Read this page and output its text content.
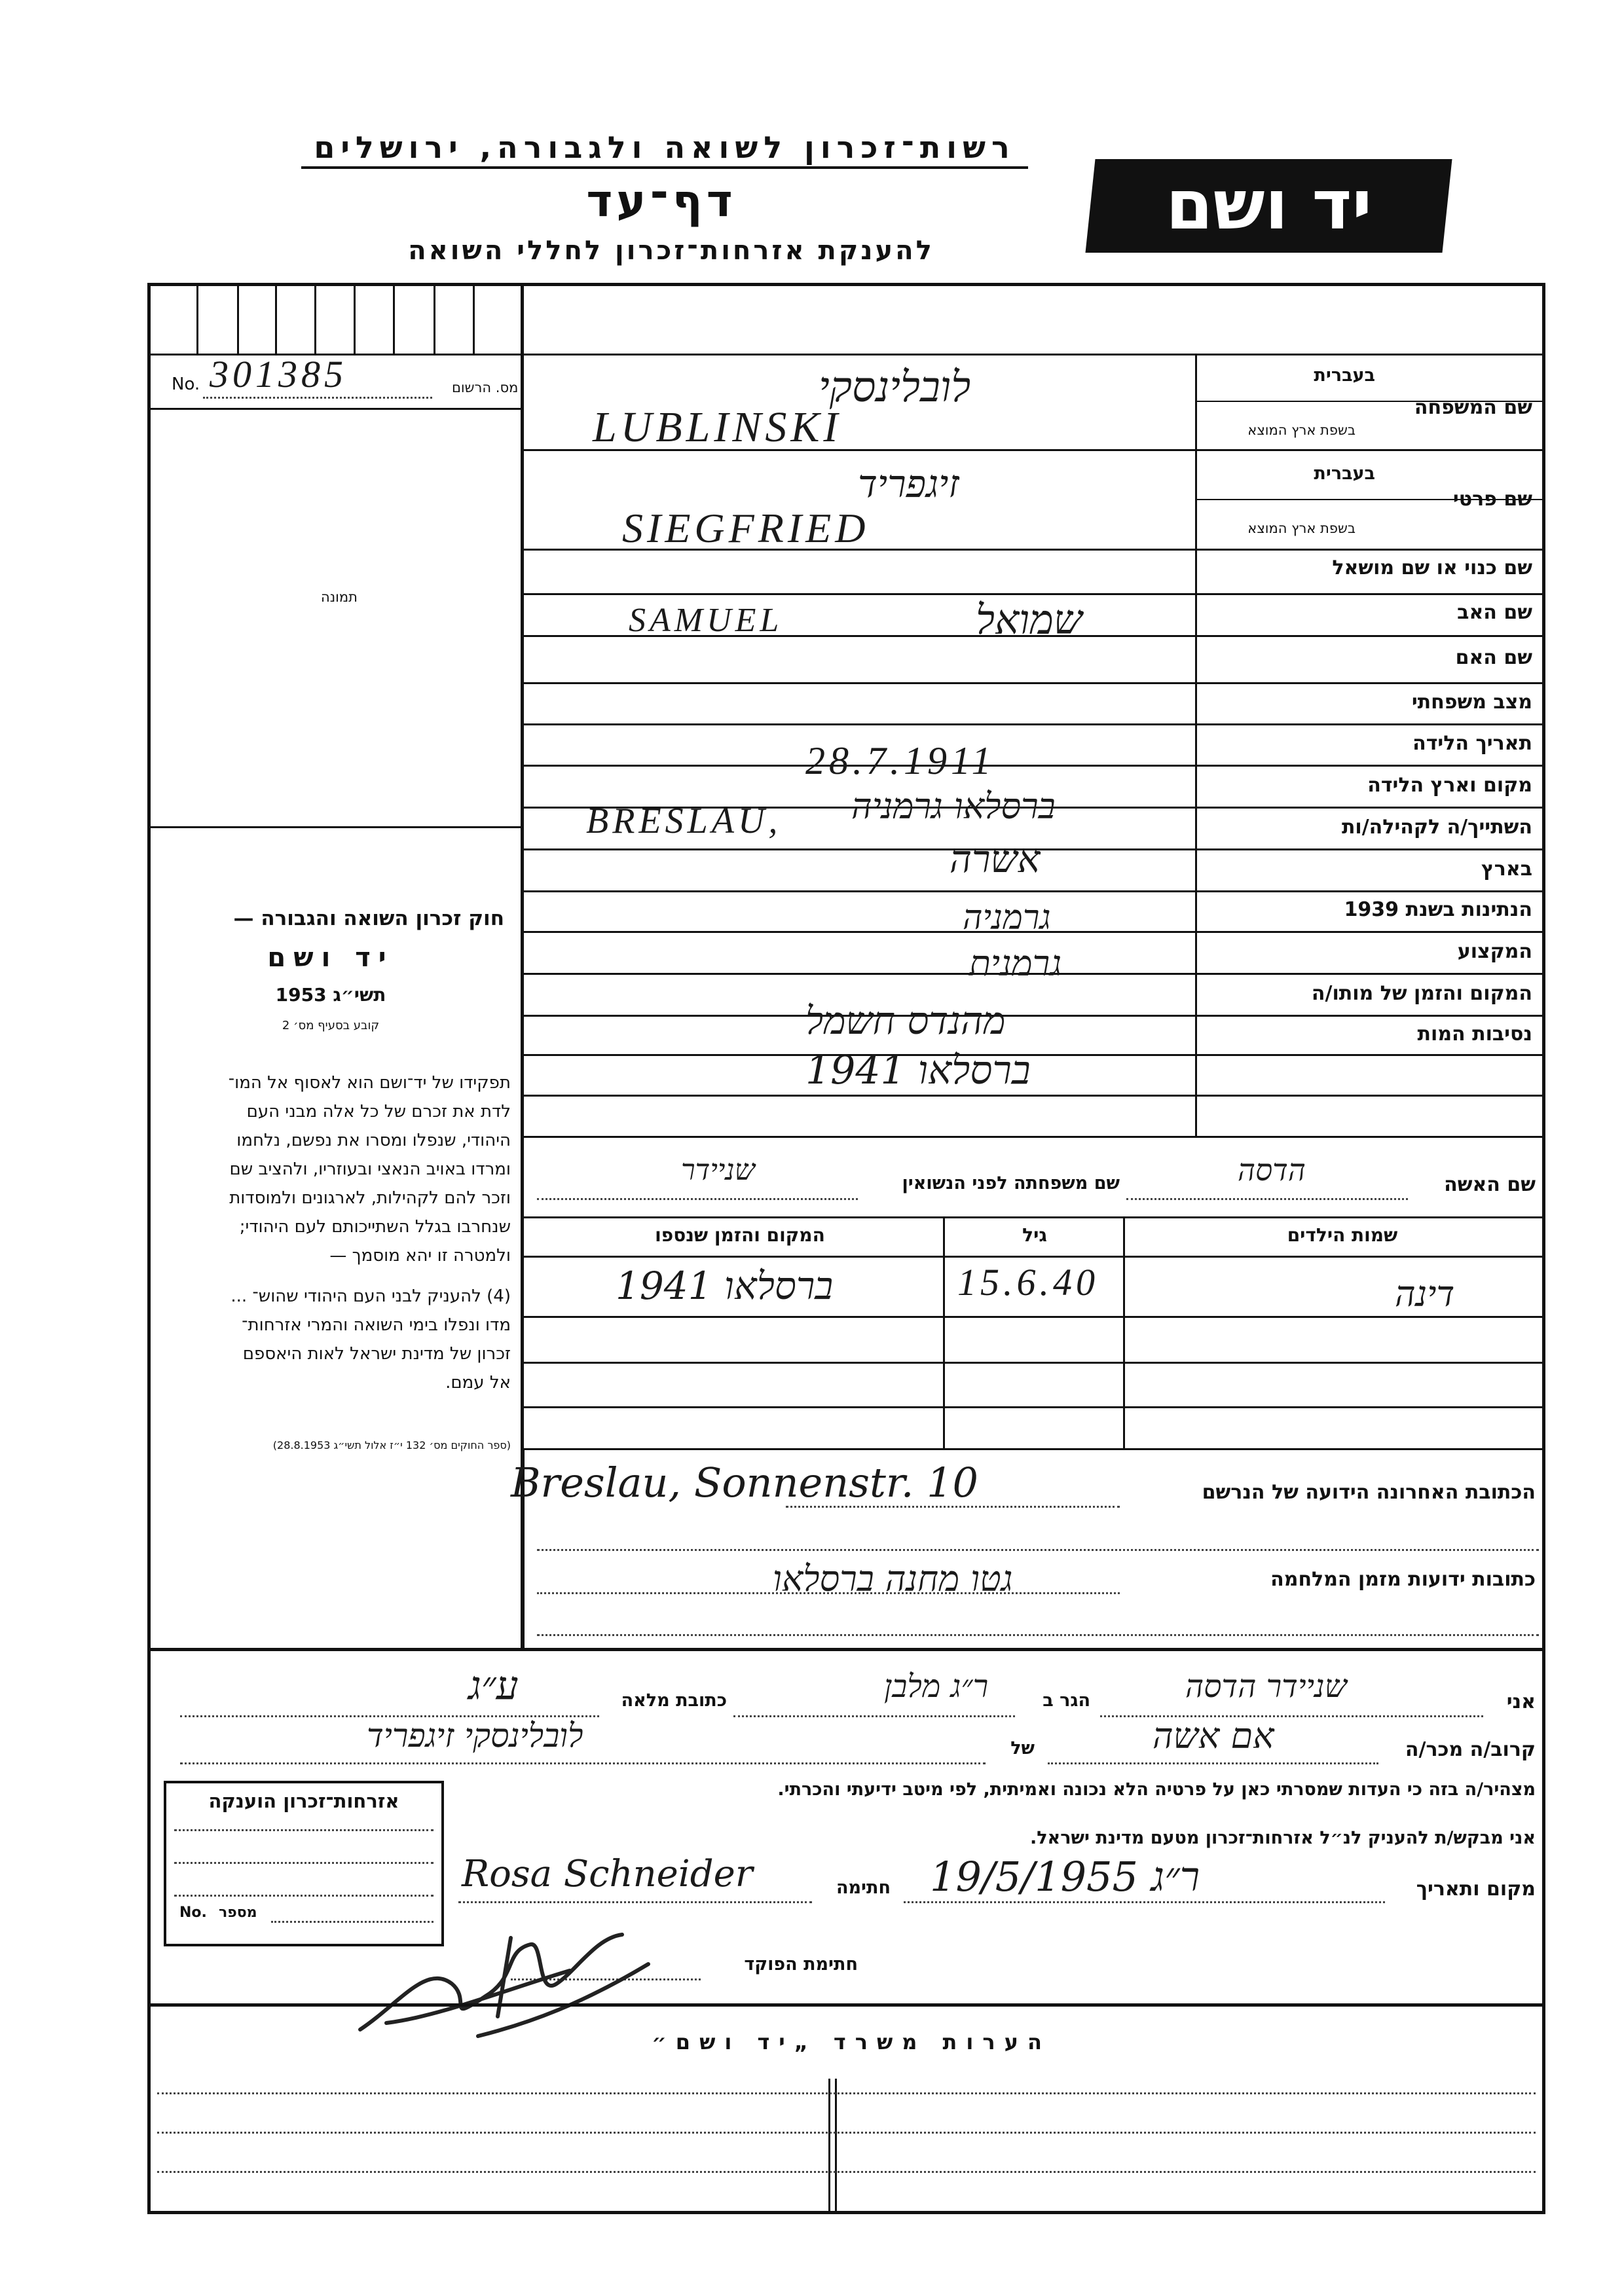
רשות־זכרון לשואה ולגבורה, ירושלים
דף־עד
להענקת אזרחות־זכרון לחללי השואה
יד ושם
No. 301385	מס. הרשום
תמונה
חוק זכרון השואה והגבורה —
יד ושם
תשי״ג 1953
קובע בסעיף מס׳ 2
תפקידו של יד־ושם הוא לאסוף אל המו־
לדת את זכרם של כל אלה מבני העם
היהודי, שנפלו ומסרו את נפשם, נלחמו
ומרדו באויב הנאצי ובעוזריו, ולהציב שם
וזכר להם לקהילות, לארגונים ולמוסדות
שנחרבו בגלל השתייכותם לעם היהודי;
ולמטרה זו יהא מוסמך —
(4) להעניק לבני העם היהודי שהוש־ ...
מדו ונפלו בימי השואה והמרי אזרחות־
זכרון של מדינת ישראל לאות היאספם
אל עמם.
(ספר החוקים מס׳ 132 י״ז אלול תשי״ג 28.8.1953)
שם המשפחה
בעברית
בשפת ארץ המוצא
שם פרטי
בעברית
בשפת ארץ המוצא
שם כנוי או שם מושאל
שם האב
שם האם
מצב משפחתי
תאריך הלידה
מקום וארץ הלידה
השתייך/ה לקהילה/ות
בארץ
הנתינות בשנת 1939
המקצוע
המקום והזמן של מותו/ה
נסיבות המות
לובלינסקי
LUBLINSKI
זיגפריד
SIEGFRIED
SAMUEL	שמואל
28.7.1911
BRESLAU, ברסלאו גרמניה
אשרה
גרמניה
גרמנית
מהנדס חשמל
ברסלאו 1941
שם האשה
הדסה
שם משפחתה לפני הנשואין
שניידר
שמות הילדים
גיל
המקום והזמן שנספו
דינה
15.6.40
ברסלאו 1941
הכתובת האחרונה הידועה של הנרשם
Breslau, Sonnenstr. 10
כתובות ידועות מזמן המלחמה
גטו מחנה ברסלאו
אני
שניידר הדסה
הגר ב
ר״ג מלבן
כתובת מלאה
ע״ג
קרוב/ה מכר/ה
אם אשה
של
לובלינסקי זיגפריד
מצהיר/ה בזה כי העדות שמסרתי כאן על פרטיה הלא נכונה ואמיתית, לפי מיטב ידיעתי והכרתי.
אני מבקש/ת להעניק לנ״ל אזרחות־זכרון מטעם מדינת ישראל.
מקום ותאריך
ר״ג 19/5/1955
חתימה
Rosa Schneider
חתימת הפוקד
אזרחות־זכרון הוענקה
No. מספר
הערות משרד „יד ושם״
